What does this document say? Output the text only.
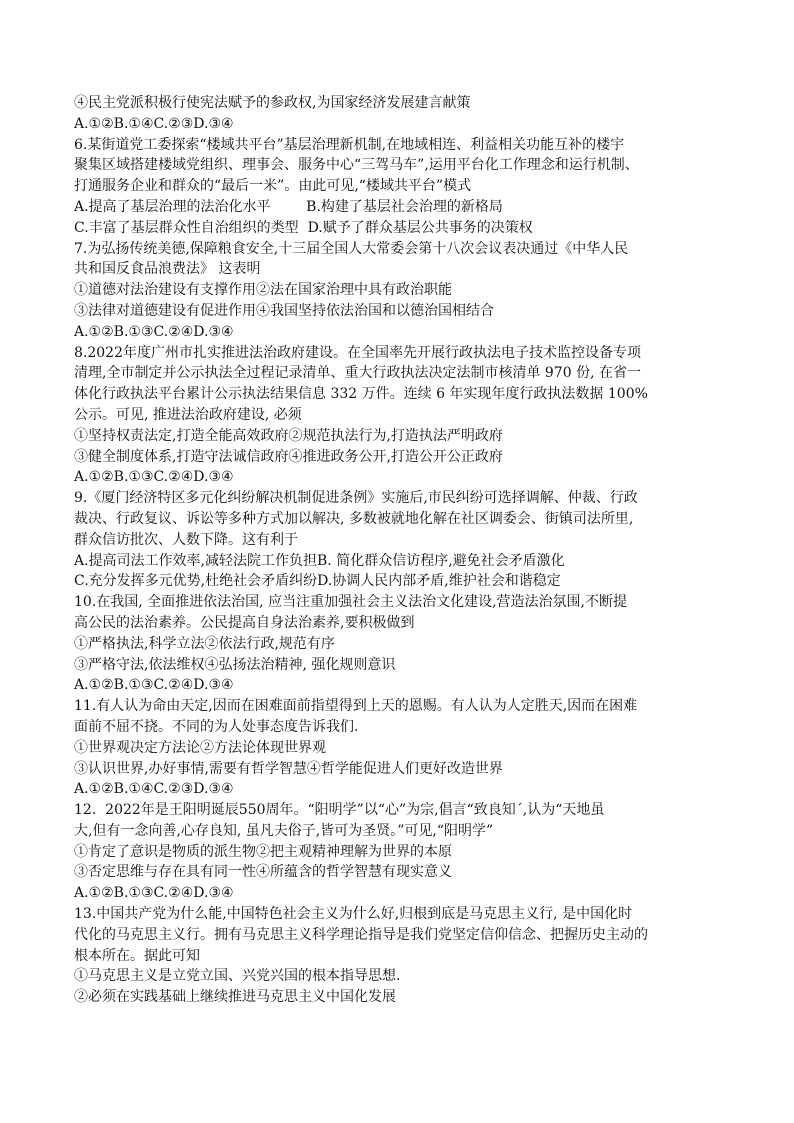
④民主党派积极行使宪法赋予的参政权,为国家经济发展建言献策
A.①②B.①④C.②③D.③④
6.某街道党工委探索“楼域共平台”基层治理新机制,在地域相连、利益相关功能互补的楼宇
聚集区域搭建楼域党组织、理事会、服务中心“三驾马车”,运用平台化工作理念和运行机制、
打通服务企业和群众的“最后一米”。由此可见,“楼域共平台”模式
A.提高了基层治理的法治化水平        B.构建了基层社会治理的新格局
C.丰富了基层群众性自治组织的类型  D.赋予了群众基层公共事务的决策权
7.为弘扬传统美德,保障粮食安全,十三届全国人大常委会第十八次会议表决通过《中华人民
共和国反食品浪费法》 这表明
①道德对法治建设有支撑作用②法在国家治理中具有政治职能
③法律对道德建设有促进作用④我国坚持依法治国和以德治国相结合
A.①②B.①③C.②④D.③④
8.2022年度广州市扎实推进法治政府建设。在全国率先开展行政执法电子技术监控设备专项
清理,全市制定并公示执法全过程记录清单、重大行政执法决定法制市核清单 970 份, 在省一
体化行政执法平台累计公示执法结果信息 332 万件。连续 6 年实现年度行政执法数据 100%
公示。可见, 推进法治政府建设, 必须
①坚持权责法定,打造全能高效政府②规范执法行为,打造执法严明政府
③健全制度体系,打造守法诚信政府④推进政务公开,打造公开公正政府
A.①②B.①③C.②④D.③④
9.《厦门经济特区多元化纠纷解决机制促进条例》实施后,市民纠纷可选择调解、仲裁、行政
裁决、行政复议、诉讼等多种方式加以解决, 多数被就地化解在社区调委会、街镇司法所里,
群众信访批次、人数下降。这有利于
A.提高司法工作效率,减轻法院工作负担B. 简化群众信访程序,避免社会矛盾激化
C.充分发挥多元优势,杜绝社会矛盾纠纷D.协调人民内部矛盾,维护社会和谐稳定
10.在我国, 全面推进依法治国, 应当注重加强社会主义法治文化建设,营造法治氛围,不断提
高公民的法治素养。公民提高自身法治素养,要积极做到
①严格执法,科学立法②依法行政,规范有序
③严格守法,依法维权④弘扬法治精神, 强化规则意识
A.①②B.①③C.②④D.③④
11.有人认为命由天定,因而在困难面前指望得到上天的恩赐。有人认为人定胜天,因而在困难
面前不屈不挠。不同的为人处事态度告诉我们.
①世界观决定方法论②方法论体现世界观
③认识世界,办好事情,需要有哲学智慧④哲学能促进人们更好改造世界
A.①②B.①④C.②③D.③④
12.  2022年是王阳明诞辰550周年。“阳明学”以“心”为宗,倡言“致良知ˊ,认为“天地虽
大,但有一念向善,心存良知, 虽凡夫俗子,皆可为圣贤。”可见,“阳明学”
①肯定了意识是物质的派生物②把主观精神理解为世界的本原
③否定思维与存在具有同一性④所蕴含的哲学智慧有现实意义
A.①②B.①③C.②④D.③④
13.中国共产党为什么能,中国特色社会主义为什么好,归根到底是马克思主义行, 是中国化时
代化的马克思主义行。拥有马克思主义科学理论指导是我们党坚定信仰信念、把握历史主动的
根本所在。据此可知
①马克思主义是立党立国、兴党兴国的根本指导思想.
②必须在实践基础上继续推进马克思主义中国化发展
